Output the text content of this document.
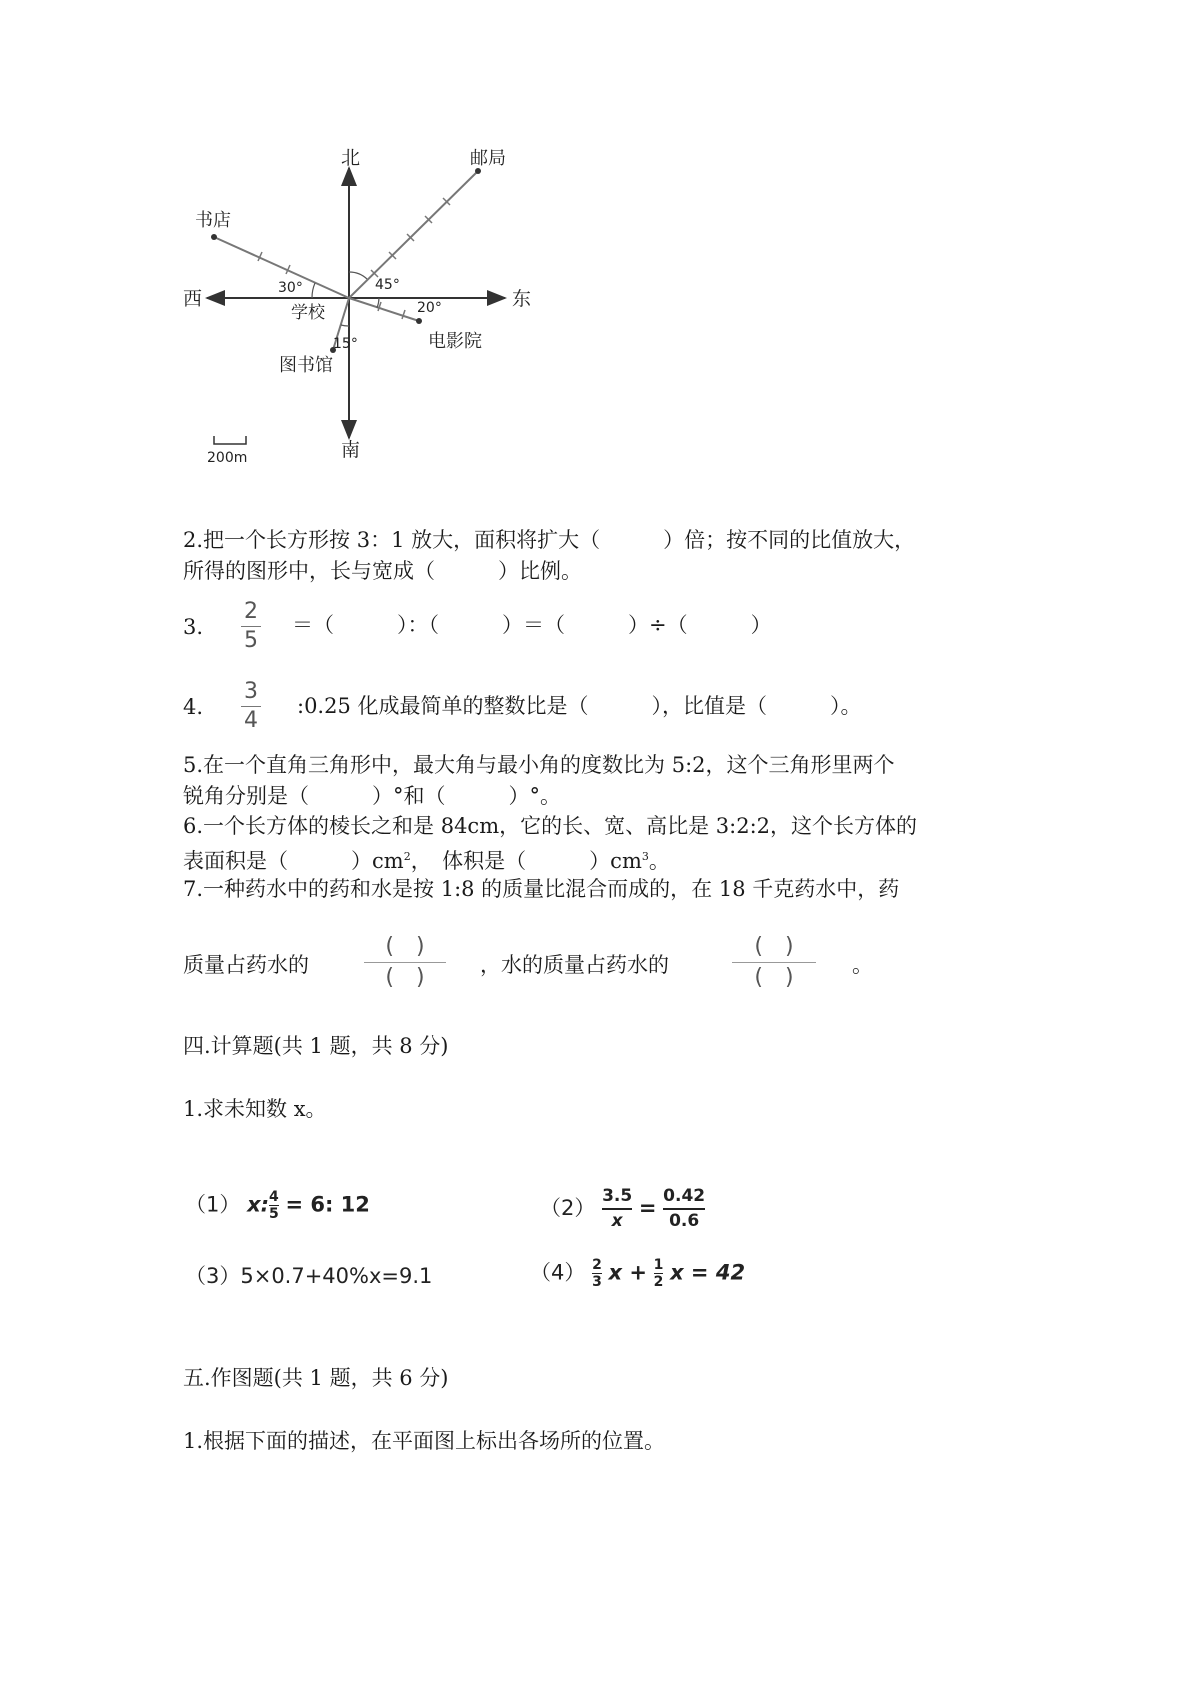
北
南
东
西
学校
邮局
书店
电影院
图书馆
30°	45°
20°
15°
200m
2.把一个长方形按 3：1 放大，面积将扩大（　　　）倍；按不同的比值放大，
所得的图形中，长与宽成（　　　）比例。
3.
2
5
＝（　　　）：（　　　）＝（　　　）÷（　　　）
4.
3
4
:0.25 化成最简单的整数比是（　　　），比值是（　　　）。
5.在一个直角三角形中，最大角与最小角的度数比为 5:2，这个三角形里两个
锐角分别是（　　　）°和（　　　）°。
6.一个长方体的棱长之和是 84cm，它的长、宽、高比是 3:2:2，这个长方体的
表面积是（　　　）$cm^2$，　体积是（　　　）$cm^3$。
7.一种药水中的药和水是按 1:8 的质量比混合而成的，在 18 千克药水中，药
质量占药水的
(　)
(　)	，水的质量占药水的
(　)
(　)	。
四.计算题(共 1 题，共 8 分)
1.求未知数 x。
（1） $x:\frac{4}{5} = 6$: 12	$(2) \frac{3.5}{x} = \frac{0.42}{0.6}$
（3）5×0.7+40%x=9.1	$(4) \frac{2}{3}$ $x + \frac{1}{2}$ x = 42
五.作图题(共 1 题，共 6 分)
1.根据下面的描述，在平面图上标出各场所的位置。
